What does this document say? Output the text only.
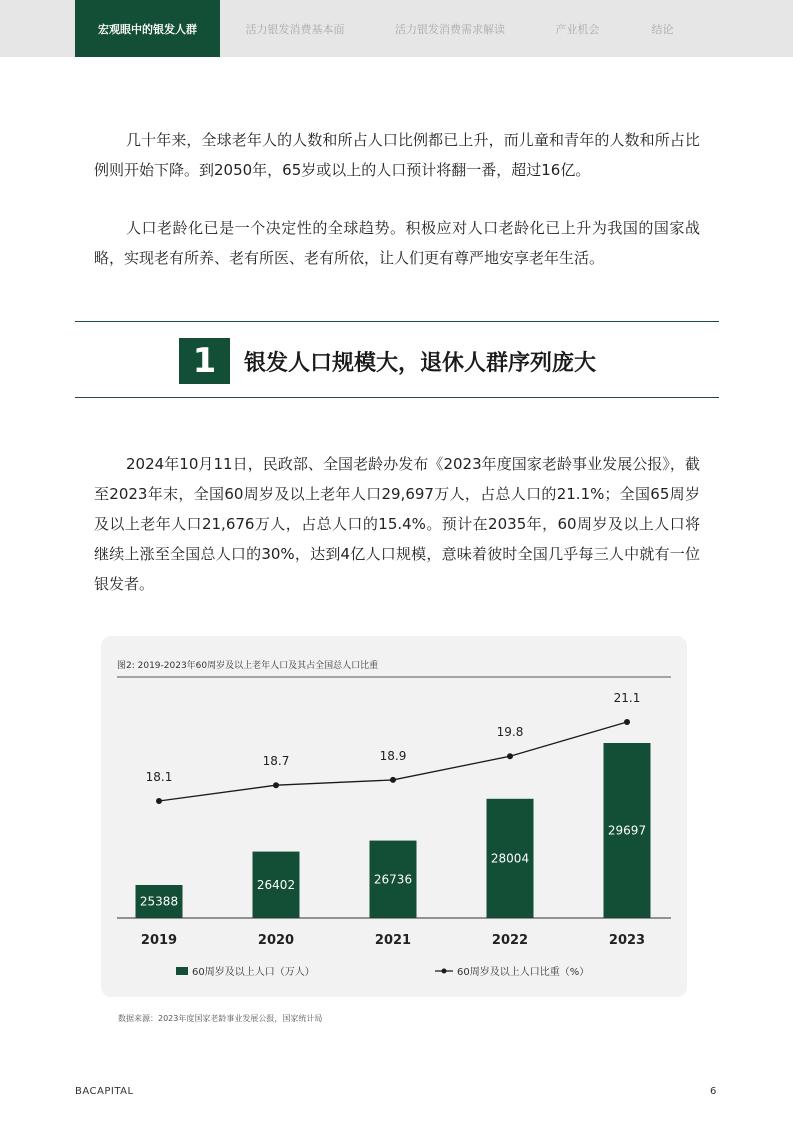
宏观眼中的银发人群	活力银发消费基本面	活力银发消费需求解读	产业机会	结论

几十年来，全球老年人的人数和所占人口比例都已上升，而儿童和青年的人数和所占比例则开始下降。到2050年，65岁或以上的人口预计将翻一番，超过16亿。

人口老龄化已是一个决定性的全球趋势。积极应对人口老龄化已上升为我国的国家战略，实现老有所养、老有所医、老有所依，让人们更有尊严地安享老年生活。

1	银发人口规模大，退休人群序列庞大

2024年10月11日，民政部、全国老龄办发布《2023年度国家老龄事业发展公报》，截至2023年末，全国60周岁及以上老年人口29,697万人，占总人口的21.1%；全国65周岁及以上老年人口21,676万人，占总人口的15.4%。预计在2035年，60周岁及以上人口将继续上涨至全国总人口的30%，达到4亿人口规模，意味着彼时全国几乎每三人中就有一位银发者。

图2: 2019-2023年60周岁及以上老年人口及其占全国总人口比重
25388
26402	26736
28004
29697
2019	2020	2021	2022	2023
18.1
18.7	18.9
19.8
21.1
60周岁及以上人口（万人）	60周岁及以上人口比重（%）
数据来源：2023年度国家老龄事业发展公报，国家统计局
BACAPITAL	6
